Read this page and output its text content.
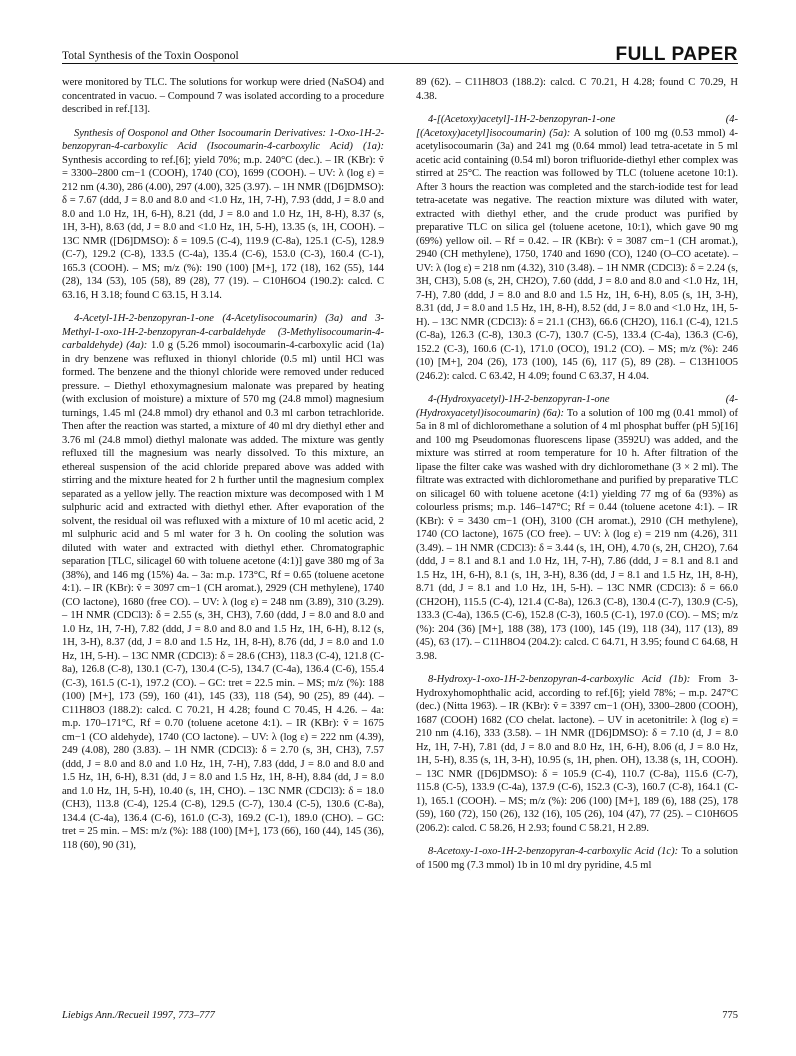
Total Synthesis of the Toxin Oosponol	FULL PAPER

were monitored by TLC. The solutions for workup were dried (NaSO4) and concentrated in vacuo. – Compound 7 was isolated according to a procedure described in ref.[13].

Synthesis of Oosponol and Other Isocoumarin Derivatives: 1-Oxo-1H-2-benzopyran-4-carboxylic Acid (Isocoumarin-4-carboxylic Acid) (1a): Synthesis according to ref.[6]; yield 70%; m.p. 240°C (dec.). – IR (KBr): ṽ = 3300–2800 cm−1 (COOH), 1740 (CO), 1699 (COOH). – UV: λ (log ε) = 212 nm (4.30), 286 (4.00), 297 (4.00), 325 (3.97). – 1H NMR ([D6]DMSO): δ = 7.67 (ddd, J = 8.0 and 8.0 and <1.0 Hz, 1H, 7-H), 7.93 (ddd, J = 8.0 and 8.0 and 1.0 Hz, 1H, 6-H), 8.21 (dd, J = 8.0 and 1.0 Hz, 1H, 8-H), 8.37 (s, 1H, 3-H), 8.63 (dd, J = 8.0 and <1.0 Hz, 1H, 5-H), 13.35 (s, 1H, COOH). – 13C NMR ([D6]DMSO): δ = 109.5 (C-4), 119.9 (C-8a), 125.1 (C-5), 128.9 (C-7), 129.2 (C-8), 133.5 (C-4a), 135.4 (C-6), 153.0 (C-3), 160.4 (C-1), 165.3 (COOH). – MS; m/z (%): 190 (100) [M+], 172 (18), 162 (55), 144 (28), 134 (53), 105 (58), 89 (28), 77 (19). – C10H6O4 (190.2): calcd. C 63.16, H 3.18; found C 63.15, H 3.14.

4-Acetyl-1H-2-benzopyran-1-one (4-Acetylisocoumarin) (3a) and 3-Methyl-1-oxo-1H-2-benzopyran-4-carbaldehyde (3-Methylisocoumarin-4-carbaldehyde) (4a): 1.0 g (5.26 mmol) isocoumarin-4-carboxylic acid (1a) in dry benzene was refluxed in thionyl chloride (0.5 ml) until HCl was formed. The benzene and the thionyl chloride were removed under reduced pressure. – Diethyl ethoxymagnesium malonate was prepared by heating (with exclusion of moisture) a mixture of 570 mg (24.8 mmol) magnesium turnings, 1.45 ml (24.8 mmol) dry ethanol and 0.3 ml carbon tetrachloride. Then after the reaction was started, a mixture of 40 ml dry diethyl ether and 3.76 ml (24.8 mmol) diethyl malonate was added. The mixture was gently refluxed till the magnesium was nearly dissolved. To this mixture, an ethereal suspension of the acid chloride prepared above was added with stirring and the mixture heated for 2 h further until the magnesium complex separated as a yellow jelly. The reaction mixture was decomposed with 1 M sulphuric acid and extracted with diethyl ether. After evaporation of the solvent, the residual oil was refluxed with a mixture of 10 ml acetic acid, 2 ml sulphuric acid and 5 ml water for 3 h. On cooling the solution was diluted with water and extracted with diethyl ether. Chromatographic separation [TLC, silicagel 60 with toluene acetone (4:1)] gave 380 mg of 3a (38%), and 146 mg (15%) 4a. – 3a: m.p. 173°C, Rf = 0.65 (toluene acetone 4:1). – IR (KBr): ṽ = 3097 cm−1 (CH aromat.), 2929 (CH methylene), 1740 (CO lactone), 1680 (free CO). – UV: λ (log ε) = 248 nm (3.89), 310 (3.29). – 1H NMR (CDCl3): δ = 2.55 (s, 3H, CH3), 7.60 (ddd, J = 8.0 and 8.0 and 1.0 Hz, 1H, 7-H), 7.82 (ddd, J = 8.0 and 8.0 and 1.5 Hz, 1H, 6-H), 8.12 (s, 1H, 3-H), 8.37 (dd, J = 8.0 and 1.5 Hz, 1H, 8-H), 8.76 (dd, J = 8.0 and 1.0 Hz, 1H, 5-H). – 13C NMR (CDCl3): δ = 28.6 (CH3), 118.3 (C-4), 121.8 (C-8a), 126.8 (C-8), 130.1 (C-7), 130.4 (C-5), 134.7 (C-4a), 136.4 (C-6), 155.4 (C-3), 161.5 (C-1), 197.2 (CO). – GC: tret = 22.5 min. – MS; m/z (%): 188 (100) [M+], 173 (59), 160 (41), 145 (33), 118 (54), 90 (25), 89 (44). – C11H8O3 (188.2): calcd. C 70.21, H 4.28; found C 70.45, H 4.26. – 4a: m.p. 170–171°C, Rf = 0.70 (toluene acetone 4:1). – IR (KBr): ṽ = 1675 cm−1 (CO aldehyde), 1740 (CO lactone). – UV: λ (log ε) = 222 nm (4.39), 249 (4.08), 280 (3.83). – 1H NMR (CDCl3): δ = 2.70 (s, 3H, CH3), 7.57 (ddd, J = 8.0 and 8.0 and 1.0 Hz, 1H, 7-H), 7.83 (ddd, J = 8.0 and 8.0 and 1.5 Hz, 1H, 6-H), 8.31 (dd, J = 8.0 and 1.5 Hz, 1H, 8-H), 8.84 (dd, J = 8.0 and 1.0 Hz, 1H, 5-H), 10.40 (s, 1H, CHO). – 13C NMR (CDCl3): δ = 18.0 (CH3), 113.8 (C-4), 125.4 (C-8), 129.5 (C-7), 130.4 (C-5), 130.6 (C-8a), 134.4 (C-4a), 136.4 (C-6), 161.0 (C-3), 169.2 (C-1), 189.0 (CHO). – GC: tret = 25 min. – MS: m/z (%): 188 (100) [M+], 173 (66), 160 (44), 145 (36), 118 (60), 90 (31),

89 (62). – C11H8O3 (188.2): calcd. C 70.21, H 4.28; found C 70.29, H 4.38.

4-[(Acetoxy)acetyl]-1H-2-benzopyran-1-one (4-[(Acetoxy)acetyl]isocoumarin) (5a): A solution of 100 mg (0.53 mmol) 4-acetylisocoumarin (3a) and 241 mg (0.64 mmol) lead tetra-acetate in 5 ml acetic acid containing (0.54 ml) boron trifluoride-diethyl ether complex was stirred at 25°C. The reaction was followed by TLC (toluene acetone 10:1). After 3 hours the reaction was completed and the starch-iodide test for lead tetra-acetate was negative. The reaction mixture was diluted with water, extracted with diethyl ether, and the crude product was purified by preparative TLC on silica gel (toluene acetone, 10:1), which gave 90 mg (69%) yellow oil. – Rf = 0.42. – IR (KBr): ṽ = 3087 cm−1 (CH aromat.), 2940 (CH methylene), 1750, 1740 and 1690 (CO), 1240 (O–CO acetate). – UV: λ (log ε) = 218 nm (4.32), 310 (3.48). – 1H NMR (CDCl3): δ = 2.24 (s, 3H, CH3), 5.08 (s, 2H, CH2O), 7.60 (ddd, J = 8.0 and 8.0 and <1.0 Hz, 1H, 7-H), 7.80 (ddd, J = 8.0 and 8.0 and 1.5 Hz, 1H, 6-H), 8.05 (s, 1H, 3-H), 8.31 (dd, J = 8.0 and 1.5 Hz, 1H, 8-H), 8.52 (dd, J = 8.0 and <1.0 Hz, 1H, 5-H). – 13C NMR (CDCl3): δ = 21.1 (CH3), 66.6 (CH2O), 116.1 (C-4), 121.5 (C-8a), 126.3 (C-8), 130.3 (C-7), 130.7 (C-5), 133.4 (C-4a), 136.3 (C-6), 152.2 (C-3), 160.6 (C-1), 171.0 (OCO), 191.2 (CO). – MS; m/z (%): 246 (10) [M+], 204 (26), 173 (100), 145 (6), 117 (5), 89 (28). – C13H10O5 (246.2): calcd. C 63.42, H 4.09; found C 63.37, H 4.04.

4-(Hydroxyacetyl)-1H-2-benzopyran-1-one (4-(Hydroxyacetyl)isocoumarin) (6a): To a solution of 100 mg (0.41 mmol) of 5a in 8 ml of dichloromethane a solution of 4 ml phosphat buffer (pH 5)[16] and 100 mg Pseudomonas fluorescens lipase (3592U) was added, and the mixture was stirred at room temperature for 10 h. After filtration of the lipase the filter cake was washed with dry dichloromethane (3 × 2 ml). The filtrate was extracted with dichloromethane and purified by preparative TLC on silicagel 60 with toluene acetone (4:1) yielding 77 mg of 6a (93%) as colourless prisms; m.p. 146–147°C; Rf = 0.44 (toluene acetone 4:1). – IR (KBr): ṽ = 3430 cm−1 (OH), 3100 (CH aromat.), 2910 (CH methylene), 1740 (CO lactone), 1675 (CO free). – UV: λ (log ε) = 219 nm (4.26), 311 (3.49). – 1H NMR (CDCl3): δ = 3.44 (s, 1H, OH), 4.70 (s, 2H, CH2O), 7.64 (ddd, J = 8.1 and 8.1 and 1.0 Hz, 1H, 7-H), 7.86 (ddd, J = 8.1 and 8.1 and 1.5 Hz, 1H, 6-H), 8.1 (s, 1H, 3-H), 8.36 (dd, J = 8.1 and 1.5 Hz, 1H, 8-H), 8.71 (dd, J = 8.1 and 1.0 Hz, 1H, 5-H). – 13C NMR (CDCl3): δ = 66.0 (CH2OH), 115.5 (C-4), 121.4 (C-8a), 126.3 (C-8), 130.4 (C-7), 130.9 (C-5), 133.3 (C-4a), 136.5 (C-6), 152.8 (C-3), 160.5 (C-1), 197.0 (CO). – MS; m/z (%): 204 (36) [M+], 188 (38), 173 (100), 145 (19), 118 (34), 117 (13), 89 (45), 63 (17). – C11H8O4 (204.2): calcd. C 64.71, H 3.95; found C 64.68, H 3.98.

8-Hydroxy-1-oxo-1H-2-benzopyran-4-carboxylic Acid (1b): From 3-Hydroxyhomophthalic acid, according to ref.[6]; yield 78%; – m.p. 247°C (dec.) (Nitta 1963). – IR (KBr): ṽ = 3397 cm−1 (OH), 3300–2800 (COOH), 1687 (COOH) 1682 (CO chelat. lactone). – UV in acetonitrile: λ (log ε) = 210 nm (4.16), 333 (3.58). – 1H NMR ([D6]DMSO): δ = 7.10 (d, J = 8.0 Hz, 1H, 7-H), 7.81 (dd, J = 8.0 and 8.0 Hz, 1H, 6-H), 8.06 (d, J = 8.0 Hz, 1H, 5-H), 8.35 (s, 1H, 3-H), 10.95 (s, 1H, phen. OH), 13.38 (s, 1H, COOH). – 13C NMR ([D6]DMSO): δ = 105.9 (C-4), 110.7 (C-8a), 115.6 (C-7), 115.8 (C-5), 133.9 (C-4a), 137.9 (C-6), 152.3 (C-3), 160.7 (C-8), 164.1 (C-1), 165.1 (COOH). – MS; m/z (%): 206 (100) [M+], 189 (6), 188 (25), 178 (59), 160 (72), 150 (26), 132 (16), 105 (26), 104 (47), 77 (25). – C10H6O5 (206.2): calcd. C 58.26, H 2.93; found C 58.21, H 2.89.

8-Acetoxy-1-oxo-1H-2-benzopyran-4-carboxylic Acid (1c): To a solution of 1500 mg (7.3 mmol) 1b in 10 ml dry pyridine, 4.5 ml

Liebigs Ann./Recueil 1997, 773–777	775
